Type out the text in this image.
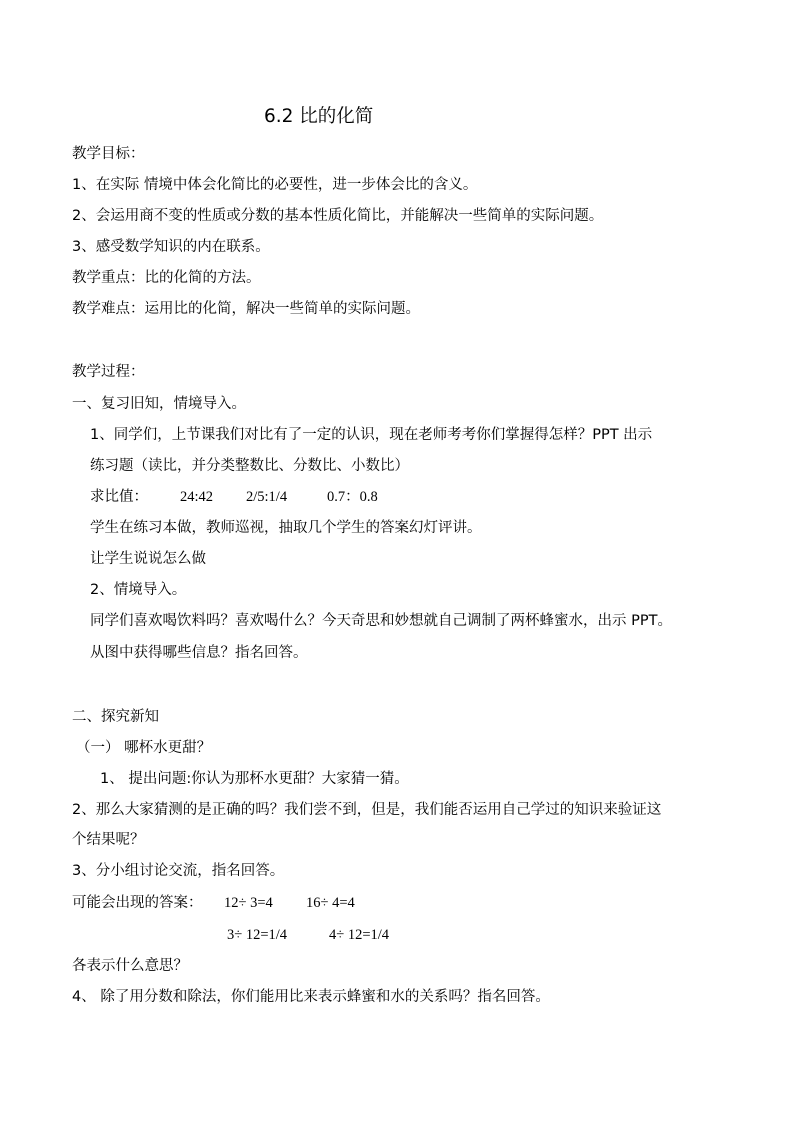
6.2 比的化简
教学目标：
1、在实际 情境中体会化简比的必要性，进一步体会比的含义。
2、会运用商不变的性质或分数的基本性质化简比，并能解决一些简单的实际问题。
3、感受数学知识的内在联系。
教学重点：比的化简的方法。
教学难点：运用比的化简，解决一些简单的实际问题。
教学过程：
一、复习旧知，情境导入。
1、同学们，上节课我们对比有了一定的认识，现在老师考考你们掌握得怎样？PPT 出示
练习题（读比，并分类整数比、分数比、小数比）
求比值： 24:42 2/5:1/4	0.7：0.8
学生在练习本做，教师巡视，抽取几个学生的答案幻灯评讲。
让学生说说怎么做
2、情境导入。
同学们喜欢喝饮料吗？喜欢喝什么？今天奇思和妙想就自己调制了两杯蜂蜜水，出示 PPT。
从图中获得哪些信息？指名回答。
二、探究新知
（一） 哪杯水更甜？
1、 提出问题:你认为那杯水更甜？大家猜一猜。
2、那么大家猜测的是正确的吗？我们尝不到，但是，我们能否运用自己学过的知识来验证这
个结果呢？
3、分小组讨论交流，指名回答。
可能会出现的答案： 12÷ 3=4 16÷ 4=4
3÷ 12=1/4	4÷ 12=1/4
各表示什么意思？
4、 除了用分数和除法，你们能用比来表示蜂蜜和水的关系吗？指名回答。
